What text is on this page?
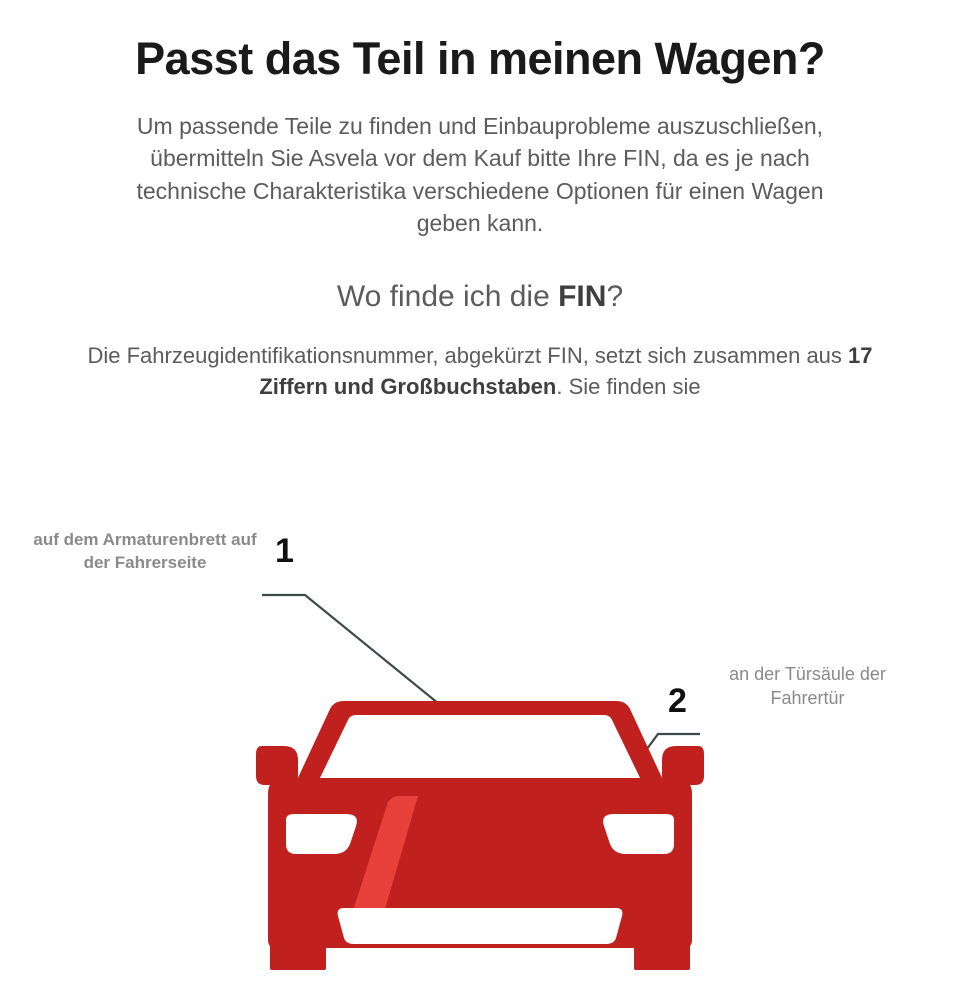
Passt das Teil in meinen Wagen?

Um passende Teile zu finden und Einbauprobleme auszuschließen,
übermitteln Sie Asvela vor dem Kauf bitte Ihre FIN, da es je nach
technische Charakteristika verschiedene Optionen für einen Wagen
geben kann.

Wo finde ich die FIN?

Die Fahrzeugidentifikationsnummer, abgekürzt FIN, setzt sich zusammen aus 17 Ziffern und Großbuchstaben. Sie finden sie

1
2
auf dem Armaturenbrett auf der Fahrerseite
an der Türsäule der Fahrertür
